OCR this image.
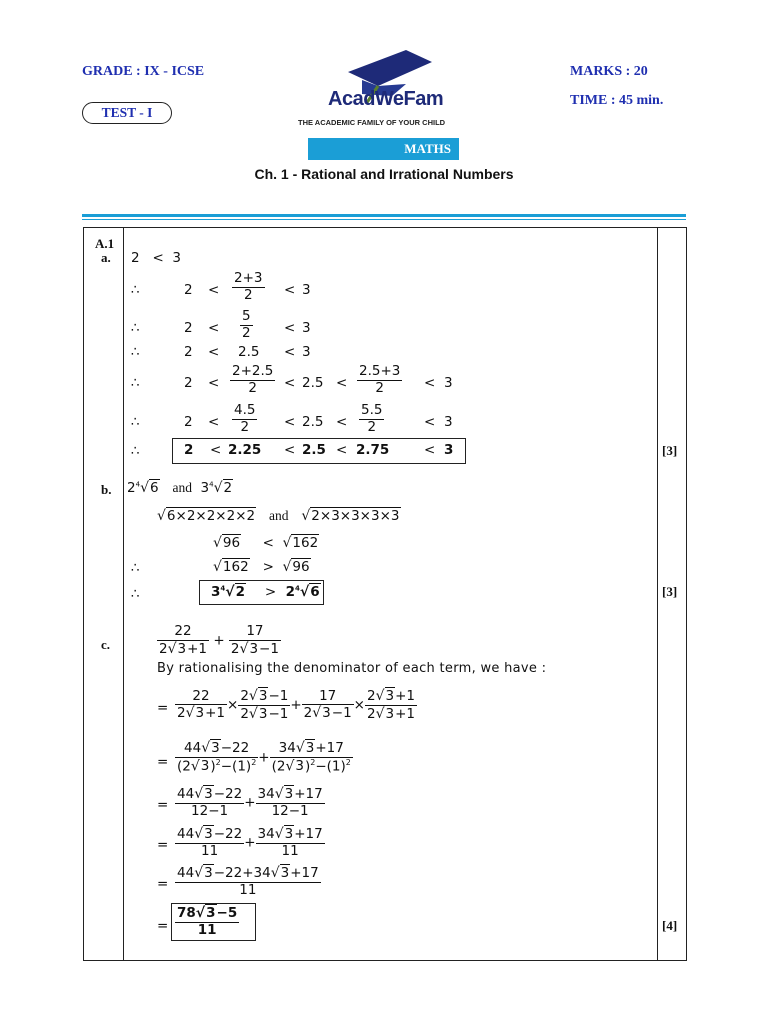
GRADE : IX - ICSE
TEST - I
MARKS : 20
TIME : 45 min.
AcadWeFam
THE ACADEMIC FAMILY OF YOUR CHILD
MATHS
Ch. 1 - Rational and Irrational Numbers
A.1
a. 2 < 3
∴	$2 < \frac{2+3}{2} < 3$
∴	$2 < \frac{5}{2} < 3$
∴	2 < 2.5 < 3
∴	$2 < \frac{2+2.5}{2} < 2.5 < \frac{2.5+3}{2} < 3$
∴	$2 < \frac{4.5}{2} < 2.5 < \frac{5.5}{2}$	< 3
∴	2 < 2.25 < 2.5 < 2.75	< 3	[3]
b. $2^4√6$ and $3^4√2$
√6×2×2×2×2 and √2×3×3×3×3
√96 < √162
∴	√162 > √96
∴	$3^4√2 > 2^4√6$	[3]
c.	$\frac{22}{2√3+1} + \frac{17}{2√3-1}$
By rationalising the denominator of each term, we have :
= $\frac{22}{2√3+1} \times \frac{2√3-1}{2√3-1} + \frac{17}{2√3-1} \times \frac{2√3+1}{2√3+1}$
= $\frac{44√3-22}{(2√3)^2-(1)^2} + \frac{34√3+17}{(2√3)^2-(1)^2}$
= $\frac{44√3-22}{12-1} + \frac{34√3+17}{12-1}$
= $\frac{44√3-22}{11} + \frac{34√3+17}{11}$
= $\frac{44√3-22+34√3+17}{11}$
= $\frac{78√3-5}{11}$	[4]
